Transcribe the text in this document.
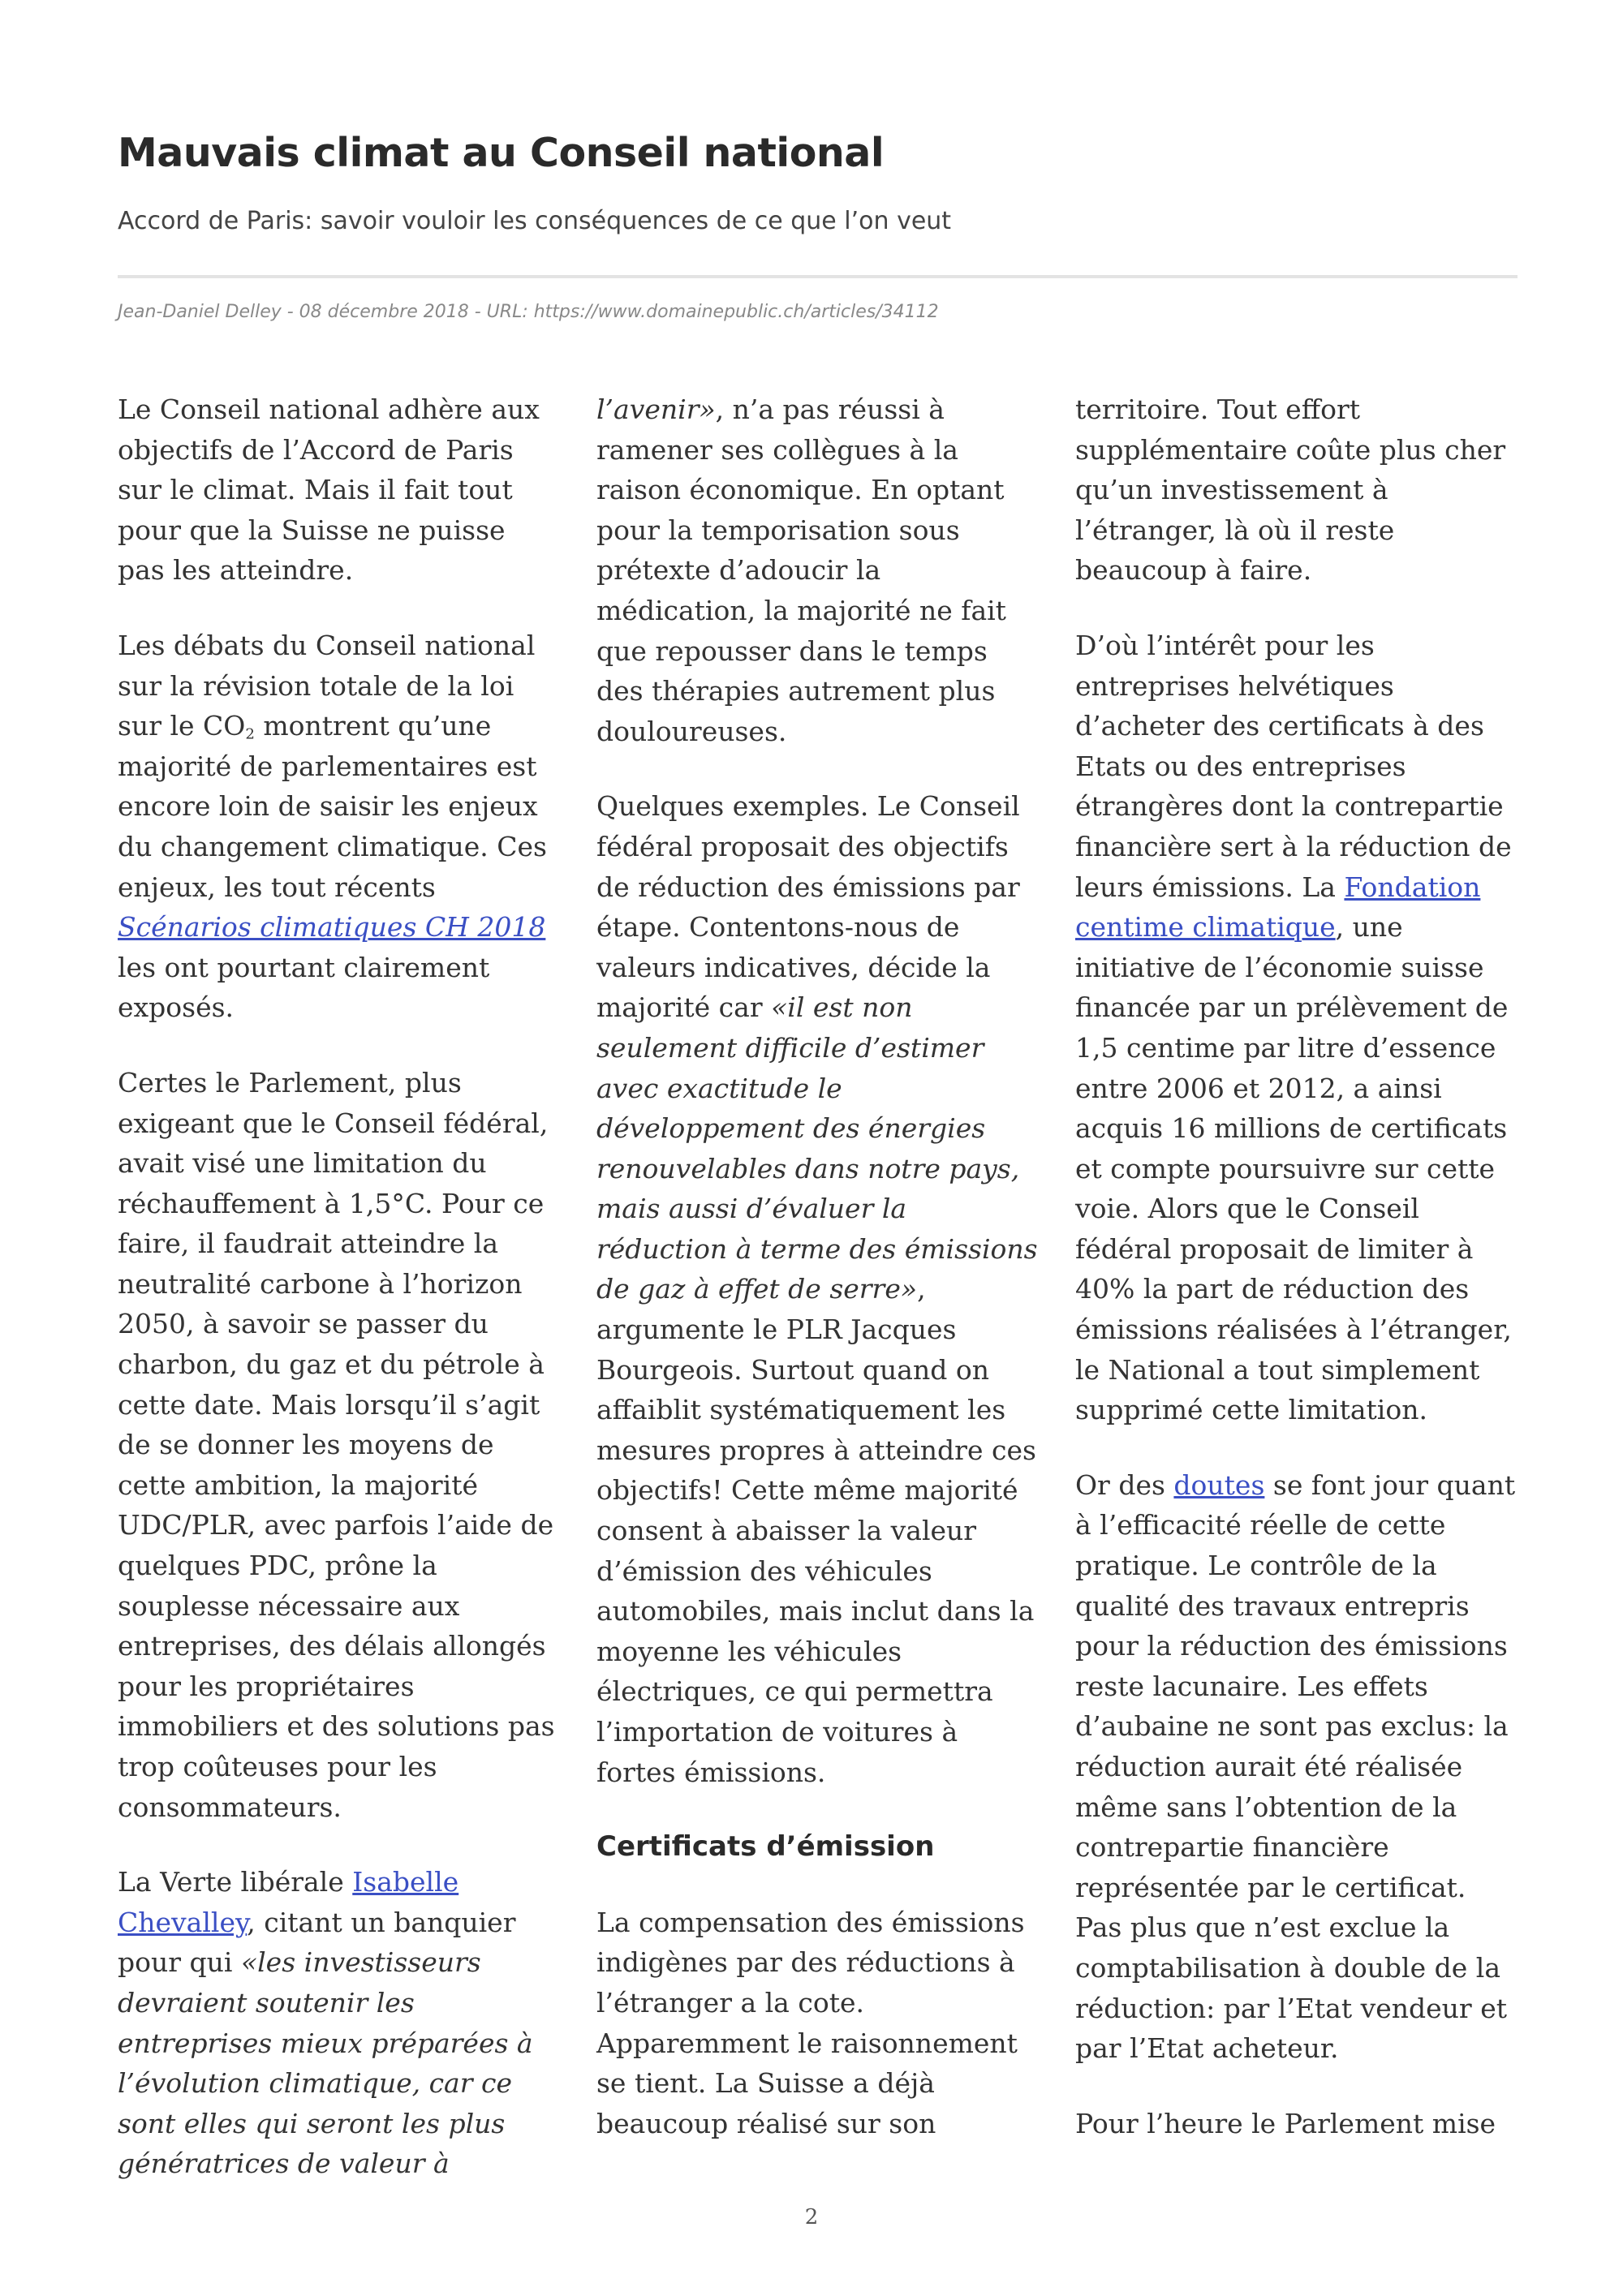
Mauvais climat au Conseil national

Accord de Paris: savoir vouloir les conséquences de ce que l’on veut

Jean-Daniel Delley - 08 décembre 2018 - URL: https://www.domainepublic.ch/articles/34112

Le Conseil national adhère aux objectifs de l’Accord de Paris sur le climat. Mais il fait tout pour que la Suisse ne puisse pas les atteindre.

Les débats du Conseil national sur la révision totale de la loi sur le $CO_2$ montrent qu’une majorité de parlementaires est encore loin de saisir les enjeux du changement climatique. Ces enjeux, les tout récents Scénarios climatiques CH 2018 les ont pourtant clairement exposés.

Certes le Parlement, plus exigeant que le Conseil fédéral, avait visé une limitation du réchauffement à 1,5°C. Pour ce faire, il faudrait atteindre la neutralité carbone à l’horizon 2050, à savoir se passer du charbon, du gaz et du pétrole à cette date. Mais lorsqu’il s’agit de se donner les moyens de cette ambition, la majorité UDC/PLR, avec parfois l’aide de quelques PDC, prône la souplesse nécessaire aux entreprises, des délais allongés pour les propriétaires immobiliers et des solutions pas trop coûteuses pour les consommateurs.

La Verte libérale Isabelle Chevalley, citant un banquier pour qui «les investisseurs devraient soutenir les entreprises mieux préparées à l’évolution climatique, car ce sont elles qui seront les plus génératrices de valeur à

l’avenir», n’a pas réussi à ramener ses collègues à la raison économique. En optant pour la temporisation sous prétexte d’adoucir la médication, la majorité ne fait que repousser dans le temps des thérapies autrement plus douloureuses.

Quelques exemples. Le Conseil fédéral proposait des objectifs de réduction des émissions par étape. Contentons-nous de valeurs indicatives, décide la majorité car «il est non seulement difficile d’estimer avec exactitude le développement des énergies renouvelables dans notre pays, mais aussi d’évaluer la réduction à terme des émissions de gaz à effet de serre», argumente le PLR Jacques Bourgeois. Surtout quand on affaiblit systématiquement les mesures propres à atteindre ces objectifs! Cette même majorité consent à abaisser la valeur d’émission des véhicules automobiles, mais inclut dans la moyenne les véhicules électriques, ce qui permettra l’importation de voitures à fortes émissions.

Certificats d’émission

La compensation des émissions indigènes par des réductions à l’étranger a la cote. Apparemment le raisonnement se tient. La Suisse a déjà beaucoup réalisé sur son

territoire. Tout effort supplémentaire coûte plus cher qu’un investissement à l’étranger, là où il reste beaucoup à faire.

D’où l’intérêt pour les entreprises helvétiques d’acheter des certificats à des Etats ou des entreprises étrangères dont la contrepartie financière sert à la réduction de leurs émissions. La Fondation centime climatique, une initiative de l’économie suisse financée par un prélèvement de 1,5 centime par litre d’essence entre 2006 et 2012, a ainsi acquis 16 millions de certificats et compte poursuivre sur cette voie. Alors que le Conseil fédéral proposait de limiter à 40% la part de réduction des émissions réalisées à l’étranger, le National a tout simplement supprimé cette limitation.

Or des doutes se font jour quant à l’efficacité réelle de cette pratique. Le contrôle de la qualité des travaux entrepris pour la réduction des émissions reste lacunaire. Les effets d’aubaine ne sont pas exclus: la réduction aurait été réalisée même sans l’obtention de la contrepartie financière représentée par le certificat. Pas plus que n’est exclue la comptabilisation à double de la réduction: par l’Etat vendeur et par l’Etat acheteur.

Pour l’heure le Parlement mise

2
